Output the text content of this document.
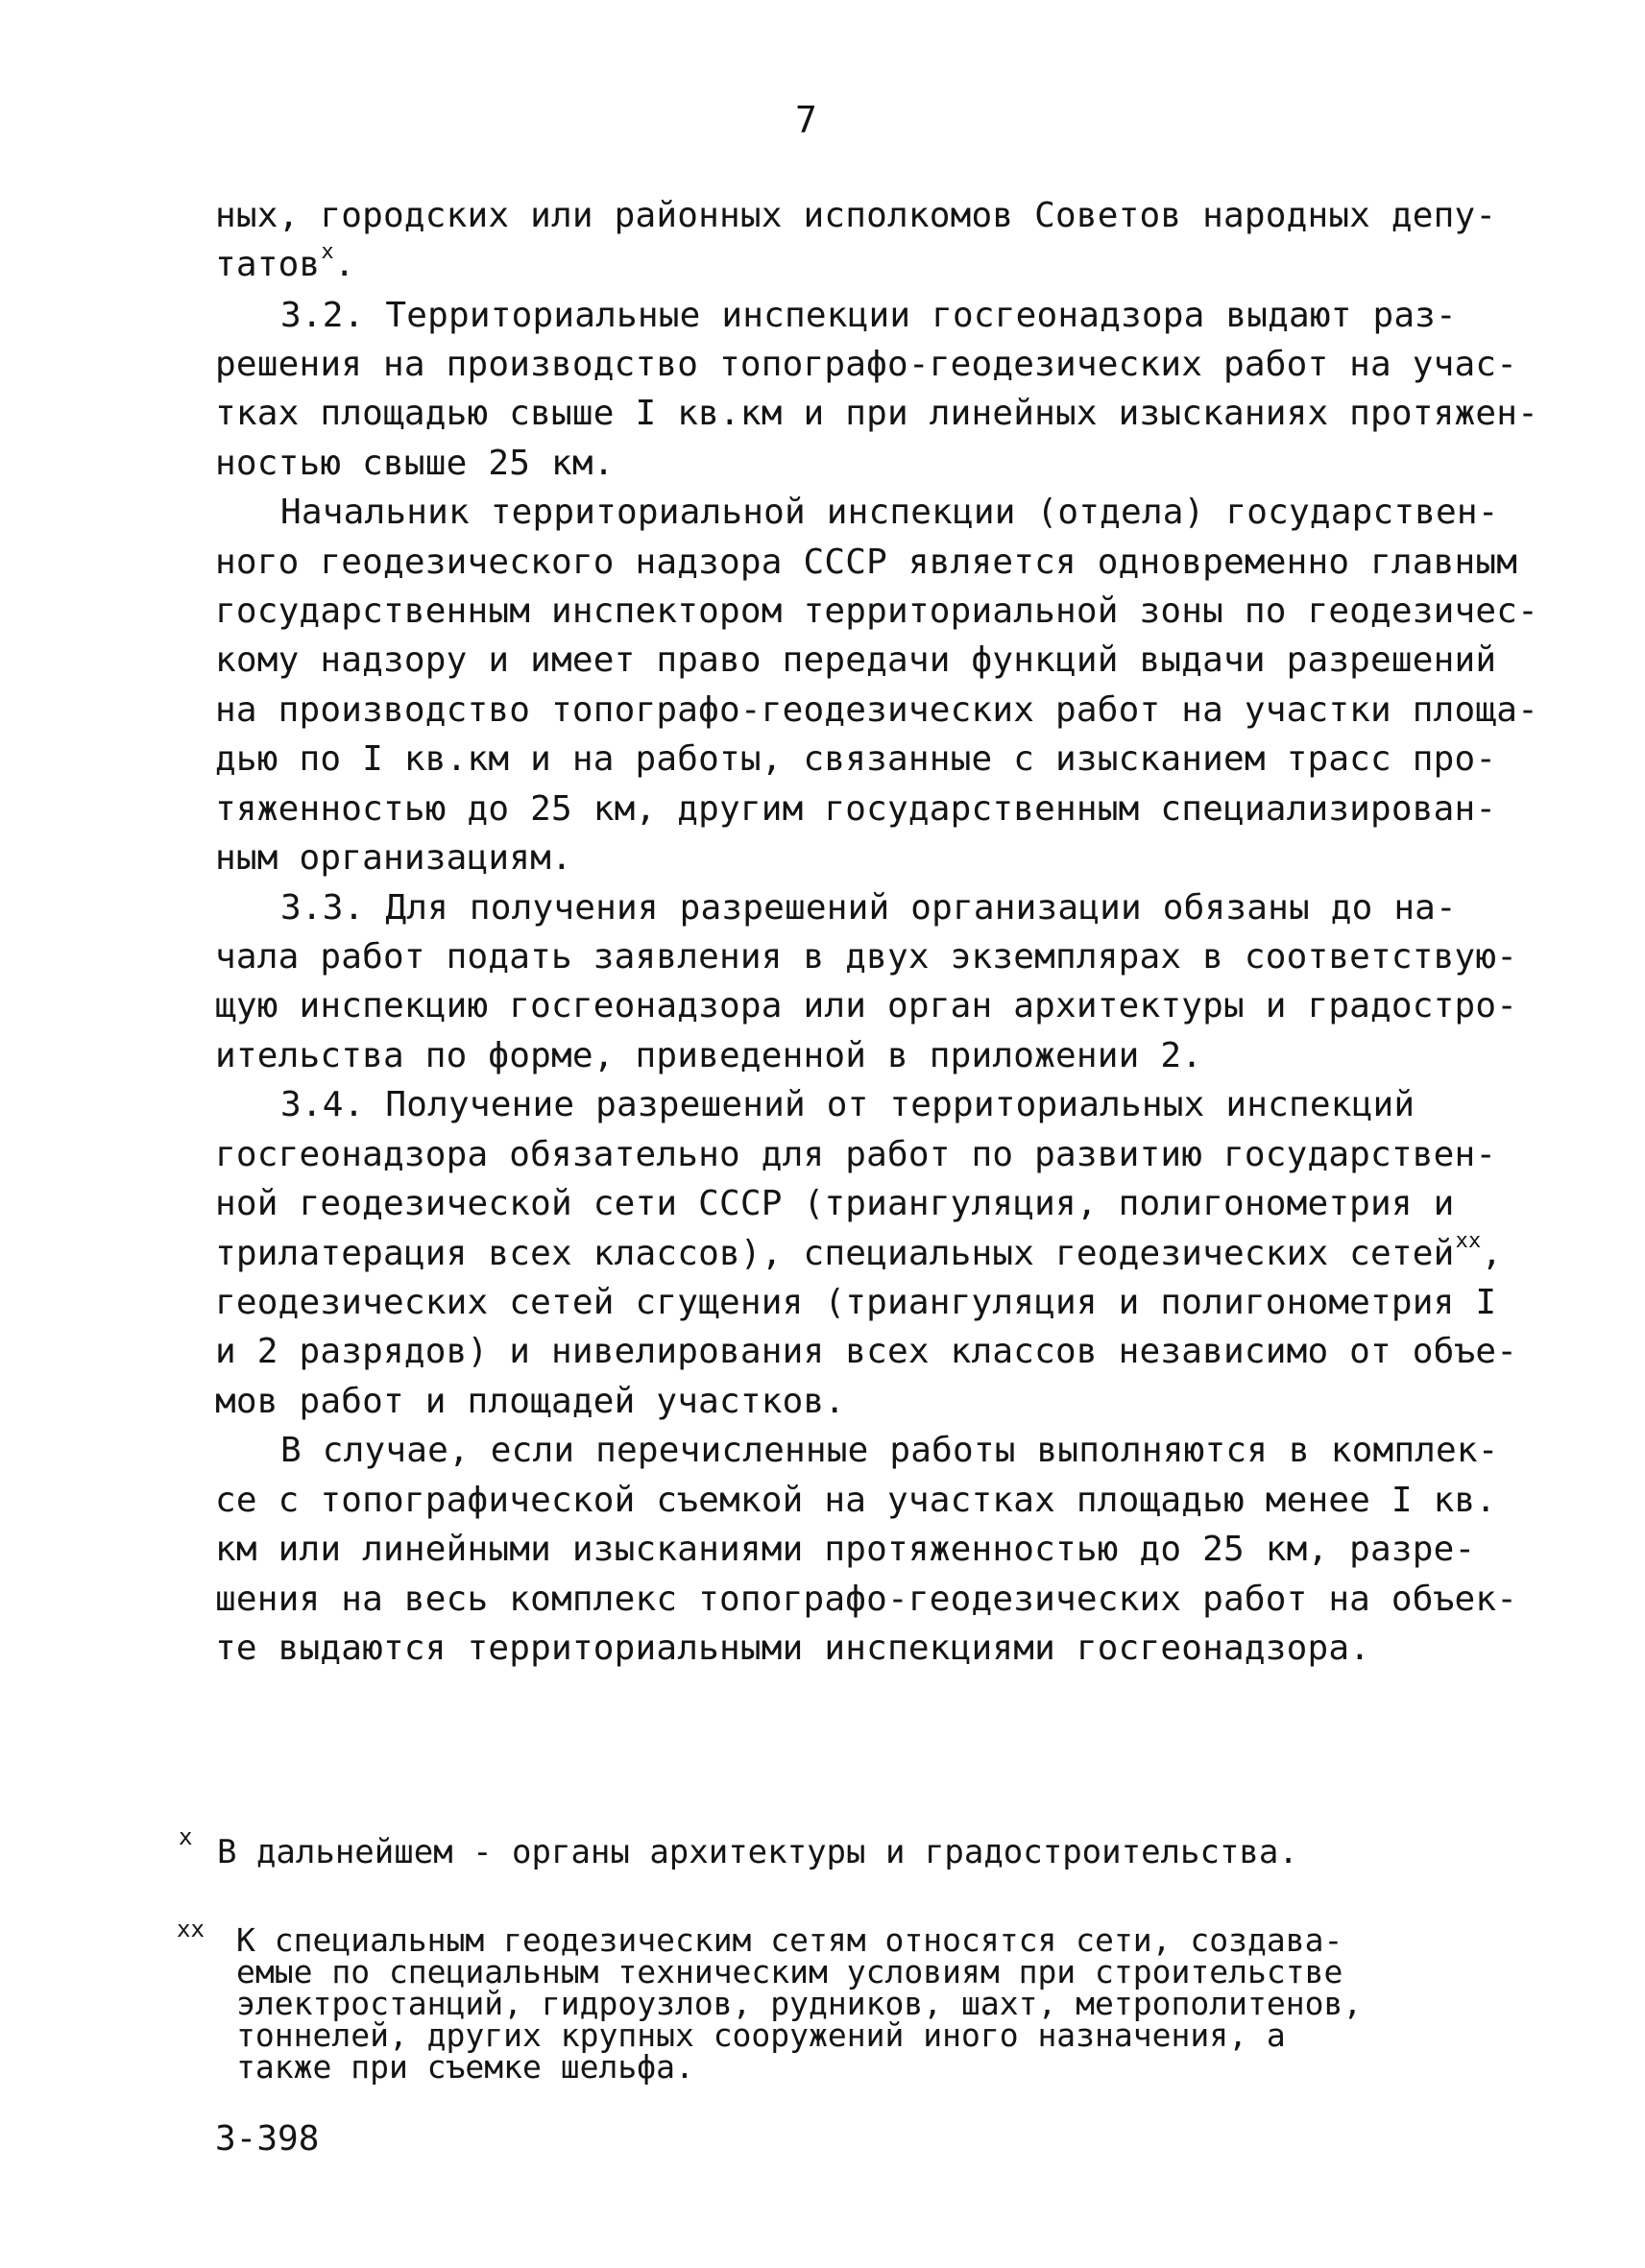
7
ных, городских или районных исполкомов Советов народных депу-
татов$^х$.
3.2. Территориальные инспекции госгеонадзора выдают раз-
решения на производство топографо-геодезических работ на учас-
тках площадью свыше I кв.км и при линейных изысканиях протяжен-
ностью свыше 25 км.
Начальник территориальной инспекции (отдела) государствен-
ного геодезического надзора СССР является одновременно главным
государственным инспектором территориальной зоны по геодезичес-
кому надзору и имеет право передачи функций выдачи разрешений
на производство топографо-геодезических работ на участки площа-
дью по I кв.км и на работы, связанные с изысканием трасс про-
тяженностью до 25 км, другим государственным специализирован-
ным организациям.
3.3. Для получения разрешений организации обязаны до на-
чала работ подать заявления в двух экземплярах в соответствую-
щую инспекцию госгеонадзора или орган архитектуры и градостро-
ительства по форме, приведенной в приложении 2.
3.4. Получение разрешений от территориальных инспекций
госгеонадзора обязательно для работ по развитию государствен-
ной геодезической сети СССР (триангуляция, полигонометрия и
трилатерация всех классов), специальных геодезических сетей$^{хх}$,
геодезических сетей сгущения (триангуляция и полигонометрия I
и 2 разрядов) и нивелирования всех классов независимо от объе-
мов работ и площадей участков.
В случае, если перечисленные работы выполняются в комплек-
се с топографической съемкой на участках площадью менее I кв.
км или линейными изысканиями протяженностью до 25 км, разре-
шения на весь комплекс топографо-геодезических работ на объек-
те выдаются территориальными инспекциями госгеонадзора.
х В дальнейшем - органы архитектуры и градостроительства.
хх К специальным геодезическим сетям относятся сети, создава-
емые по специальным техническим условиям при строительстве
электростанций, гидроузлов, рудников, шахт, метрополитенов,
тоннелей, других крупных сооружений иного назначения, а
также при съемке шельфа.
3-398
